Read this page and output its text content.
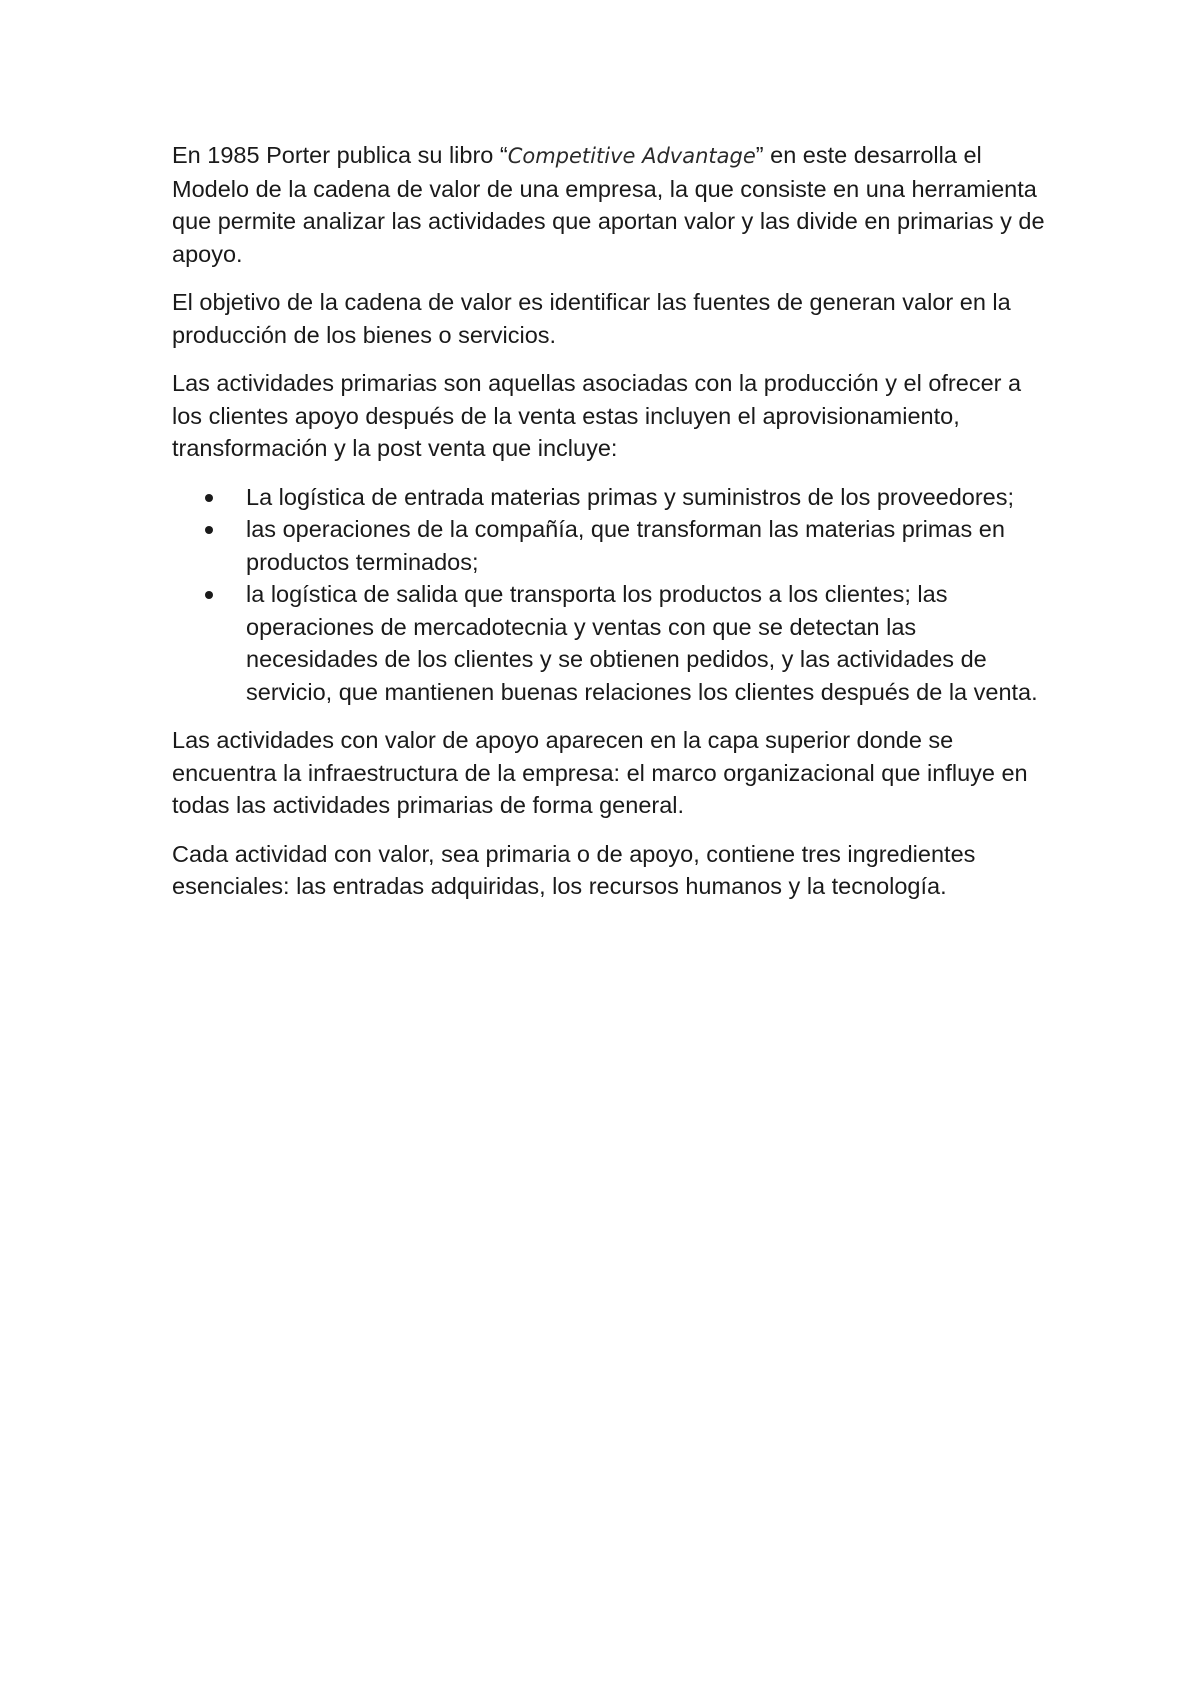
En 1985 Porter publica su libro “Competitive Advantage” en este desarrolla el Modelo de la cadena de valor de una empresa, la que consiste en una herramienta que permite analizar las actividades que aportan valor y las divide en primarias y de apoyo.

El objetivo de la cadena de valor es identificar las fuentes de generan valor en la producción de los bienes o servicios.

Las actividades primarias son aquellas asociadas con la producción y el ofrecer a los clientes apoyo después de la venta estas incluyen el aprovisionamiento, transformación y la post venta que incluye:

La logística de entrada materias primas y suministros de los proveedores;
las operaciones de la compañía, que transforman las materias primas en productos terminados;
la logística de salida que transporta los productos a los clientes; las operaciones de mercadotecnia y ventas con que se detectan las necesidades de los clientes y se obtienen pedidos, y las actividades de servicio, que mantienen buenas relaciones los clientes después de la venta.

Las actividades con valor de apoyo aparecen en la capa superior donde se encuentra la infraestructura de la empresa: el marco organizacional que influye en todas las actividades primarias de forma general.

Cada actividad con valor, sea primaria o de apoyo, contiene tres ingredientes esenciales: las entradas adquiridas, los recursos humanos y la tecnología.
